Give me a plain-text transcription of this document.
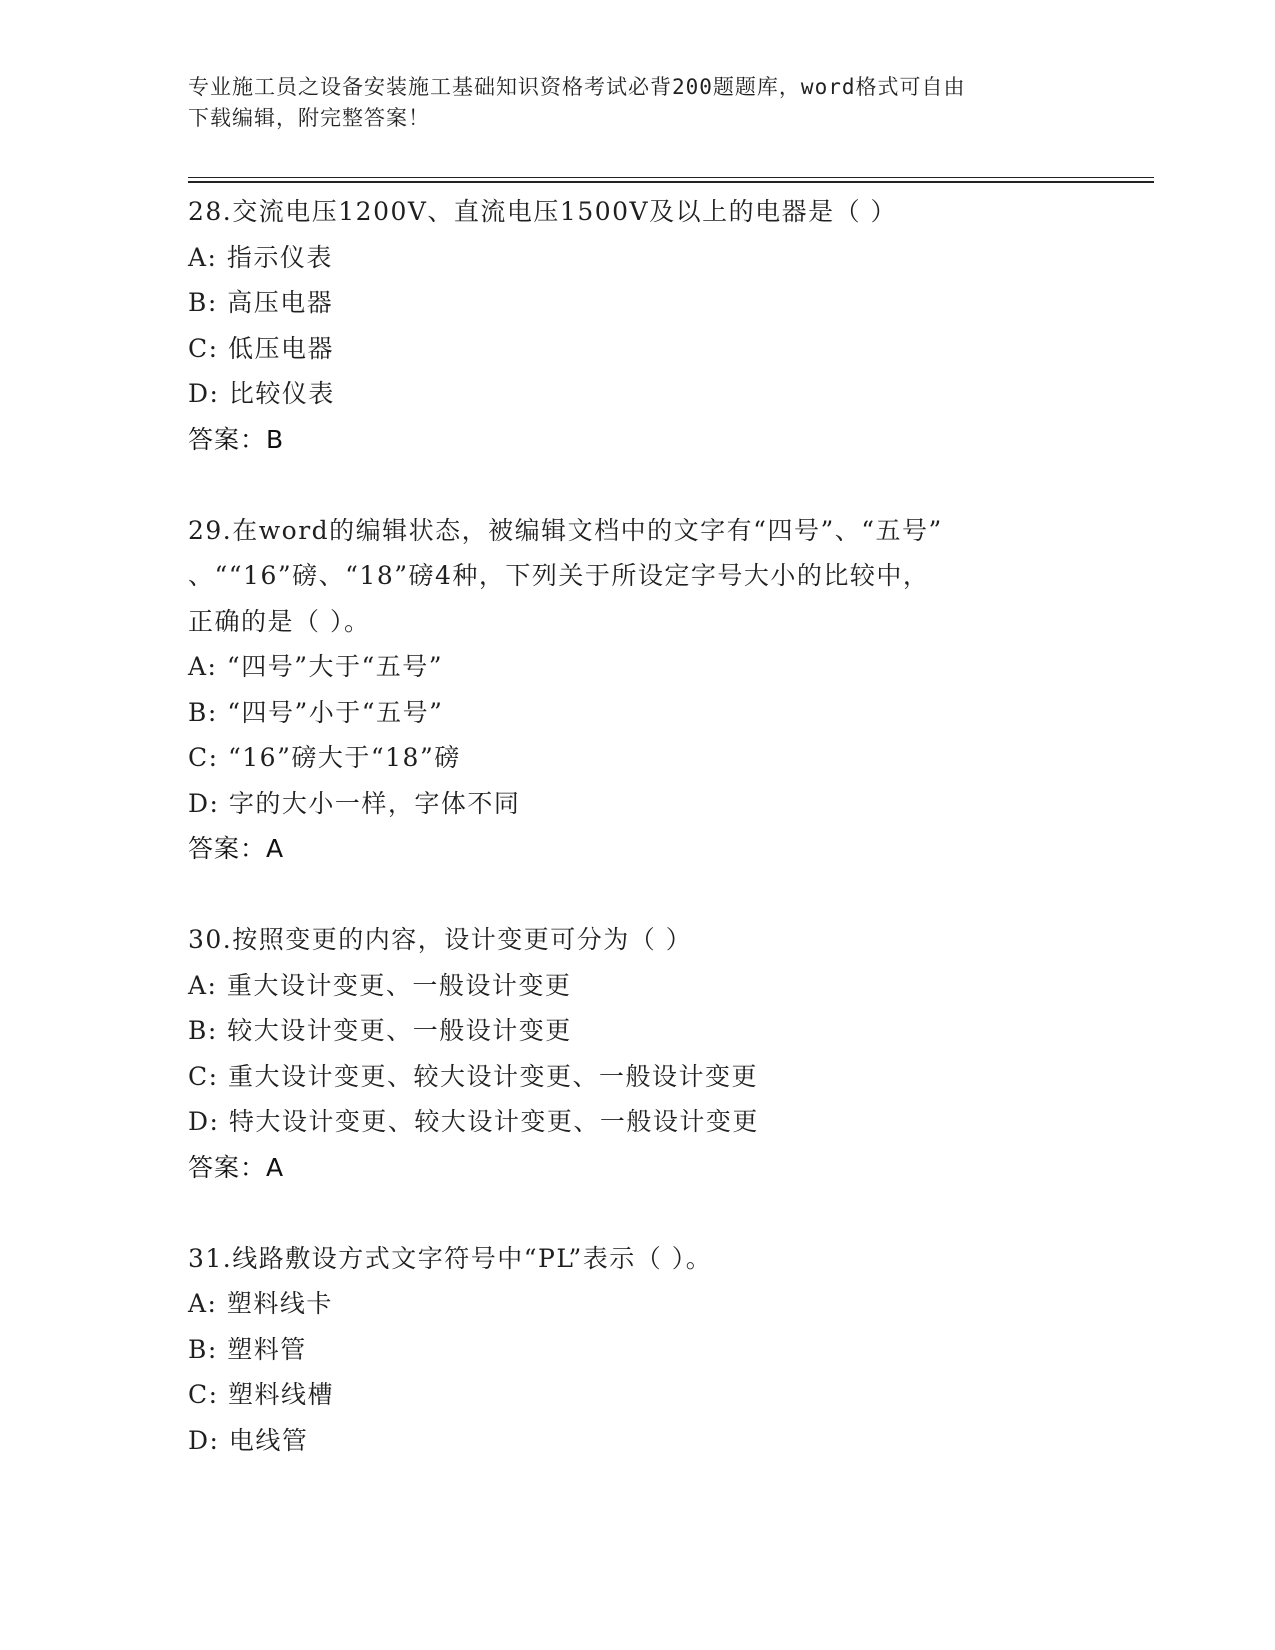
专业施工员之设备安装施工基础知识资格考试必背200题题库，word格式可自由
下载编辑，附完整答案！
28.交流电压1200V、直流电压1500V及以上的电器是（ ）
A: 指示仪表
B: 高压电器
C: 低压电器
D: 比较仪表
答案：B
29.在word的编辑状态，被编辑文档中的文字有“四号”、“五号”
、““16”磅、“18”磅4种，下列关于所设定字号大小的比较中，
正确的是（ ）。
A: “四号”大于“五号”
B: “四号”小于“五号”
C: “16”磅大于“18”磅
D: 字的大小一样，字体不同
答案：A
30.按照变更的内容，设计变更可分为（ ）
A: 重大设计变更、一般设计变更
B: 较大设计变更、一般设计变更
C: 重大设计变更、较大设计变更、一般设计变更
D: 特大设计变更、较大设计变更、一般设计变更
答案：A
31.线路敷设方式文字符号中“PL”表示（ ）。
A: 塑料线卡
B: 塑料管
C: 塑料线槽
D: 电线管
